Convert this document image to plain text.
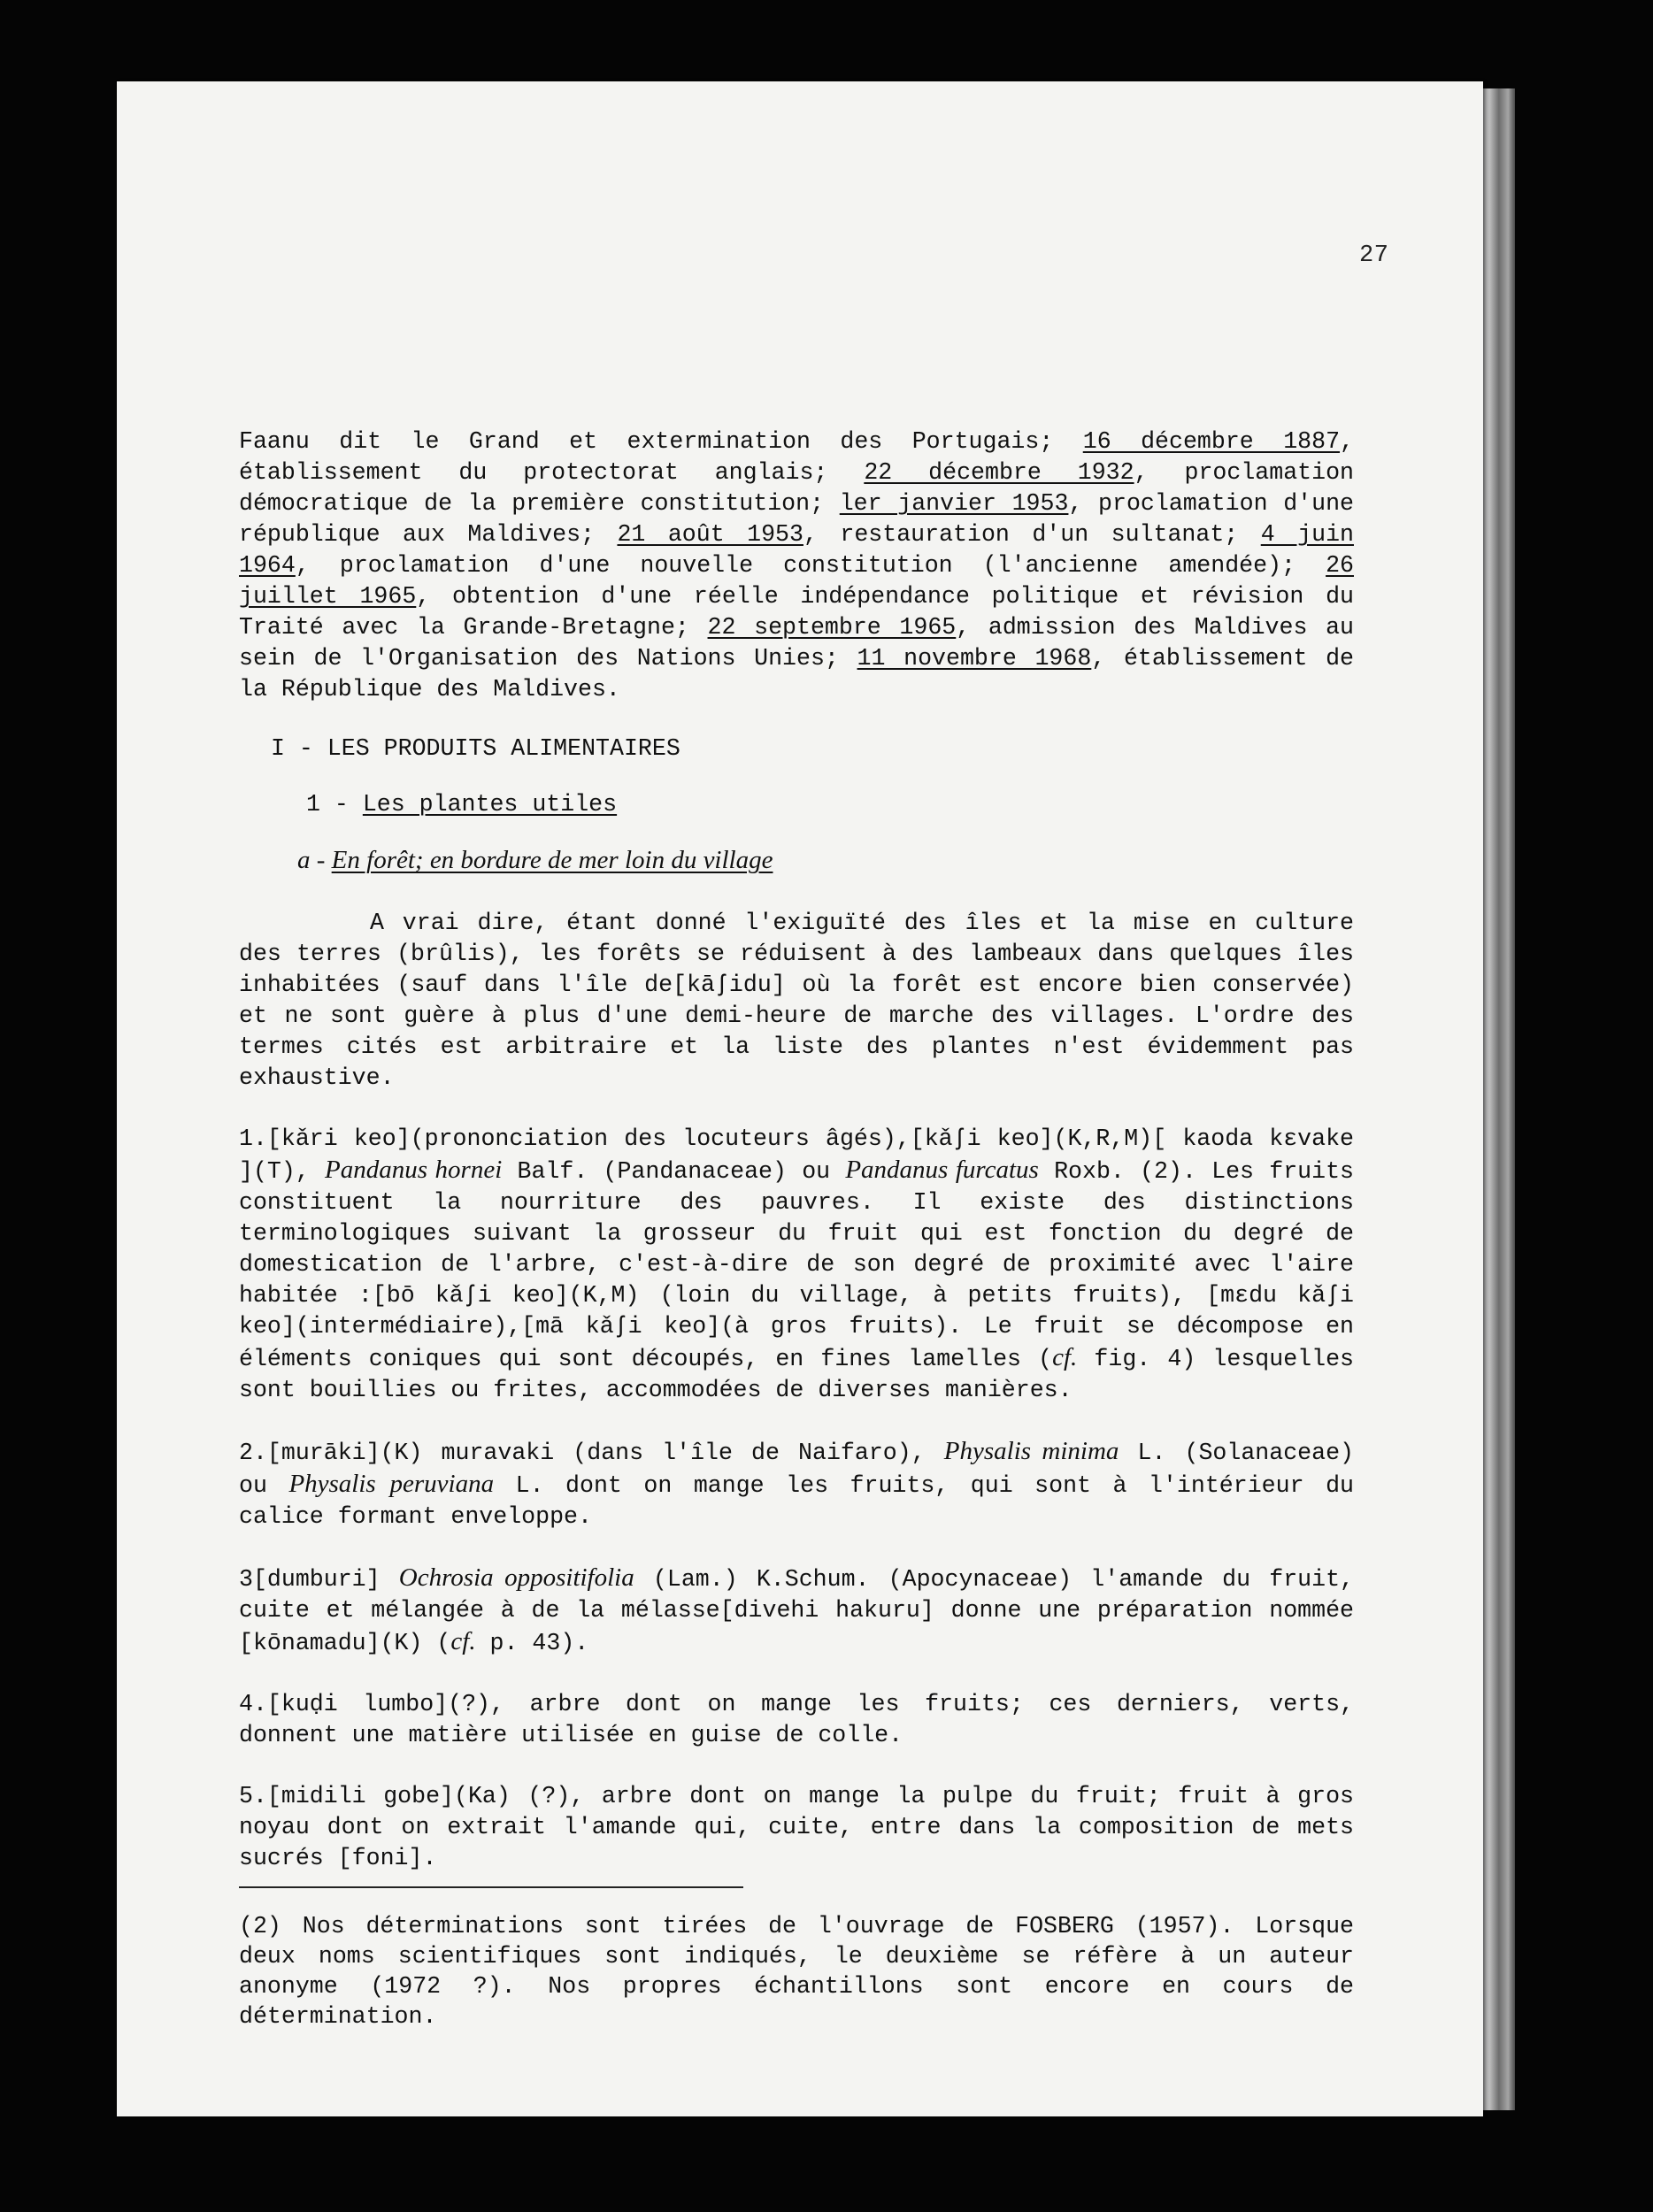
27

Faanu dit le Grand et extermination des Portugais; 16 décembre 1887, établissement du protectorat anglais; 22 décembre 1932, proclamation démocratique de la première constitution; ler janvier 1953, proclamation d'une république aux Maldives; 21 août 1953, restauration d'un sultanat; 4 juin 1964, proclamation d'une nouvelle constitution (l'ancienne amendée); 26 juillet 1965, obtention d'une réelle indépendance politique et révision du Traité avec la Grande-Bretagne; 22 septembre 1965, admission des Maldives au sein de l'Organisation des Nations Unies; 11 novembre 1968, établissement de la République des Maldives.

I - LES PRODUITS ALIMENTAIRES
1 - Les plantes utiles
a - En forêt; en bordure de mer loin du village

A vrai dire, étant donné l'exiguïté des îles et la mise en culture des terres (brûlis), les forêts se réduisent à des lambeaux dans quelques îles inhabitées (sauf dans l'île de[kāʃidu] où la forêt est encore bien conservée) et ne sont guère à plus d'une demi-heure de marche des villages. L'ordre des termes cités est arbitraire et la liste des plantes n'est évidemment pas exhaustive.

1.[kǎri keo](prononciation des locuteurs âgés),[kǎʃi keo](K,R,M)[ kaoda kɛvake ](T), Pandanus hornei Balf. (Pandanaceae) ou Pandanus furcatus Roxb. (2). Les fruits constituent la nourriture des pauvres. Il existe des distinctions terminologiques suivant la grosseur du fruit qui est fonction du degré de domestication de l'arbre, c'est-à-dire de son degré de proximité avec l'aire habitée :[bō kǎʃi keo](K,M) (loin du village, à petits fruits), [mɛdu kǎʃi keo](intermédiaire),[mā kǎʃi keo](à gros fruits). Le fruit se décompose en éléments coniques qui sont découpés, en fines lamelles (cf. fig. 4) lesquelles sont bouillies ou frites, accommodées de diverses manières.

2.[murāki](K) muravaki (dans l'île de Naifaro), Physalis minima L. (Solanaceae) ou Physalis peruviana L. dont on mange les fruits, qui sont à l'intérieur du calice formant enveloppe.

3[dumburi] Ochrosia oppositifolia (Lam.) K.Schum. (Apocynaceae) l'amande du fruit, cuite et mélangée à de la mélasse[divehi hakuru] donne une préparation nommée [kōnamadu](K) (cf. p. 43).

4.[kuḍi lumbo](?), arbre dont on mange les fruits; ces derniers, verts, donnent une matière utilisée en guise de colle.

5.[midili gobe](Ka) (?), arbre dont on mange la pulpe du fruit; fruit à gros noyau dont on extrait l'amande qui, cuite, entre dans la composition de mets sucrés [foni].

(2) Nos déterminations sont tirées de l'ouvrage de FOSBERG (1957). Lorsque deux noms scientifiques sont indiqués, le deuxième se réfère à un auteur anonyme (1972 ?). Nos propres échantillons sont encore en cours de détermination.
